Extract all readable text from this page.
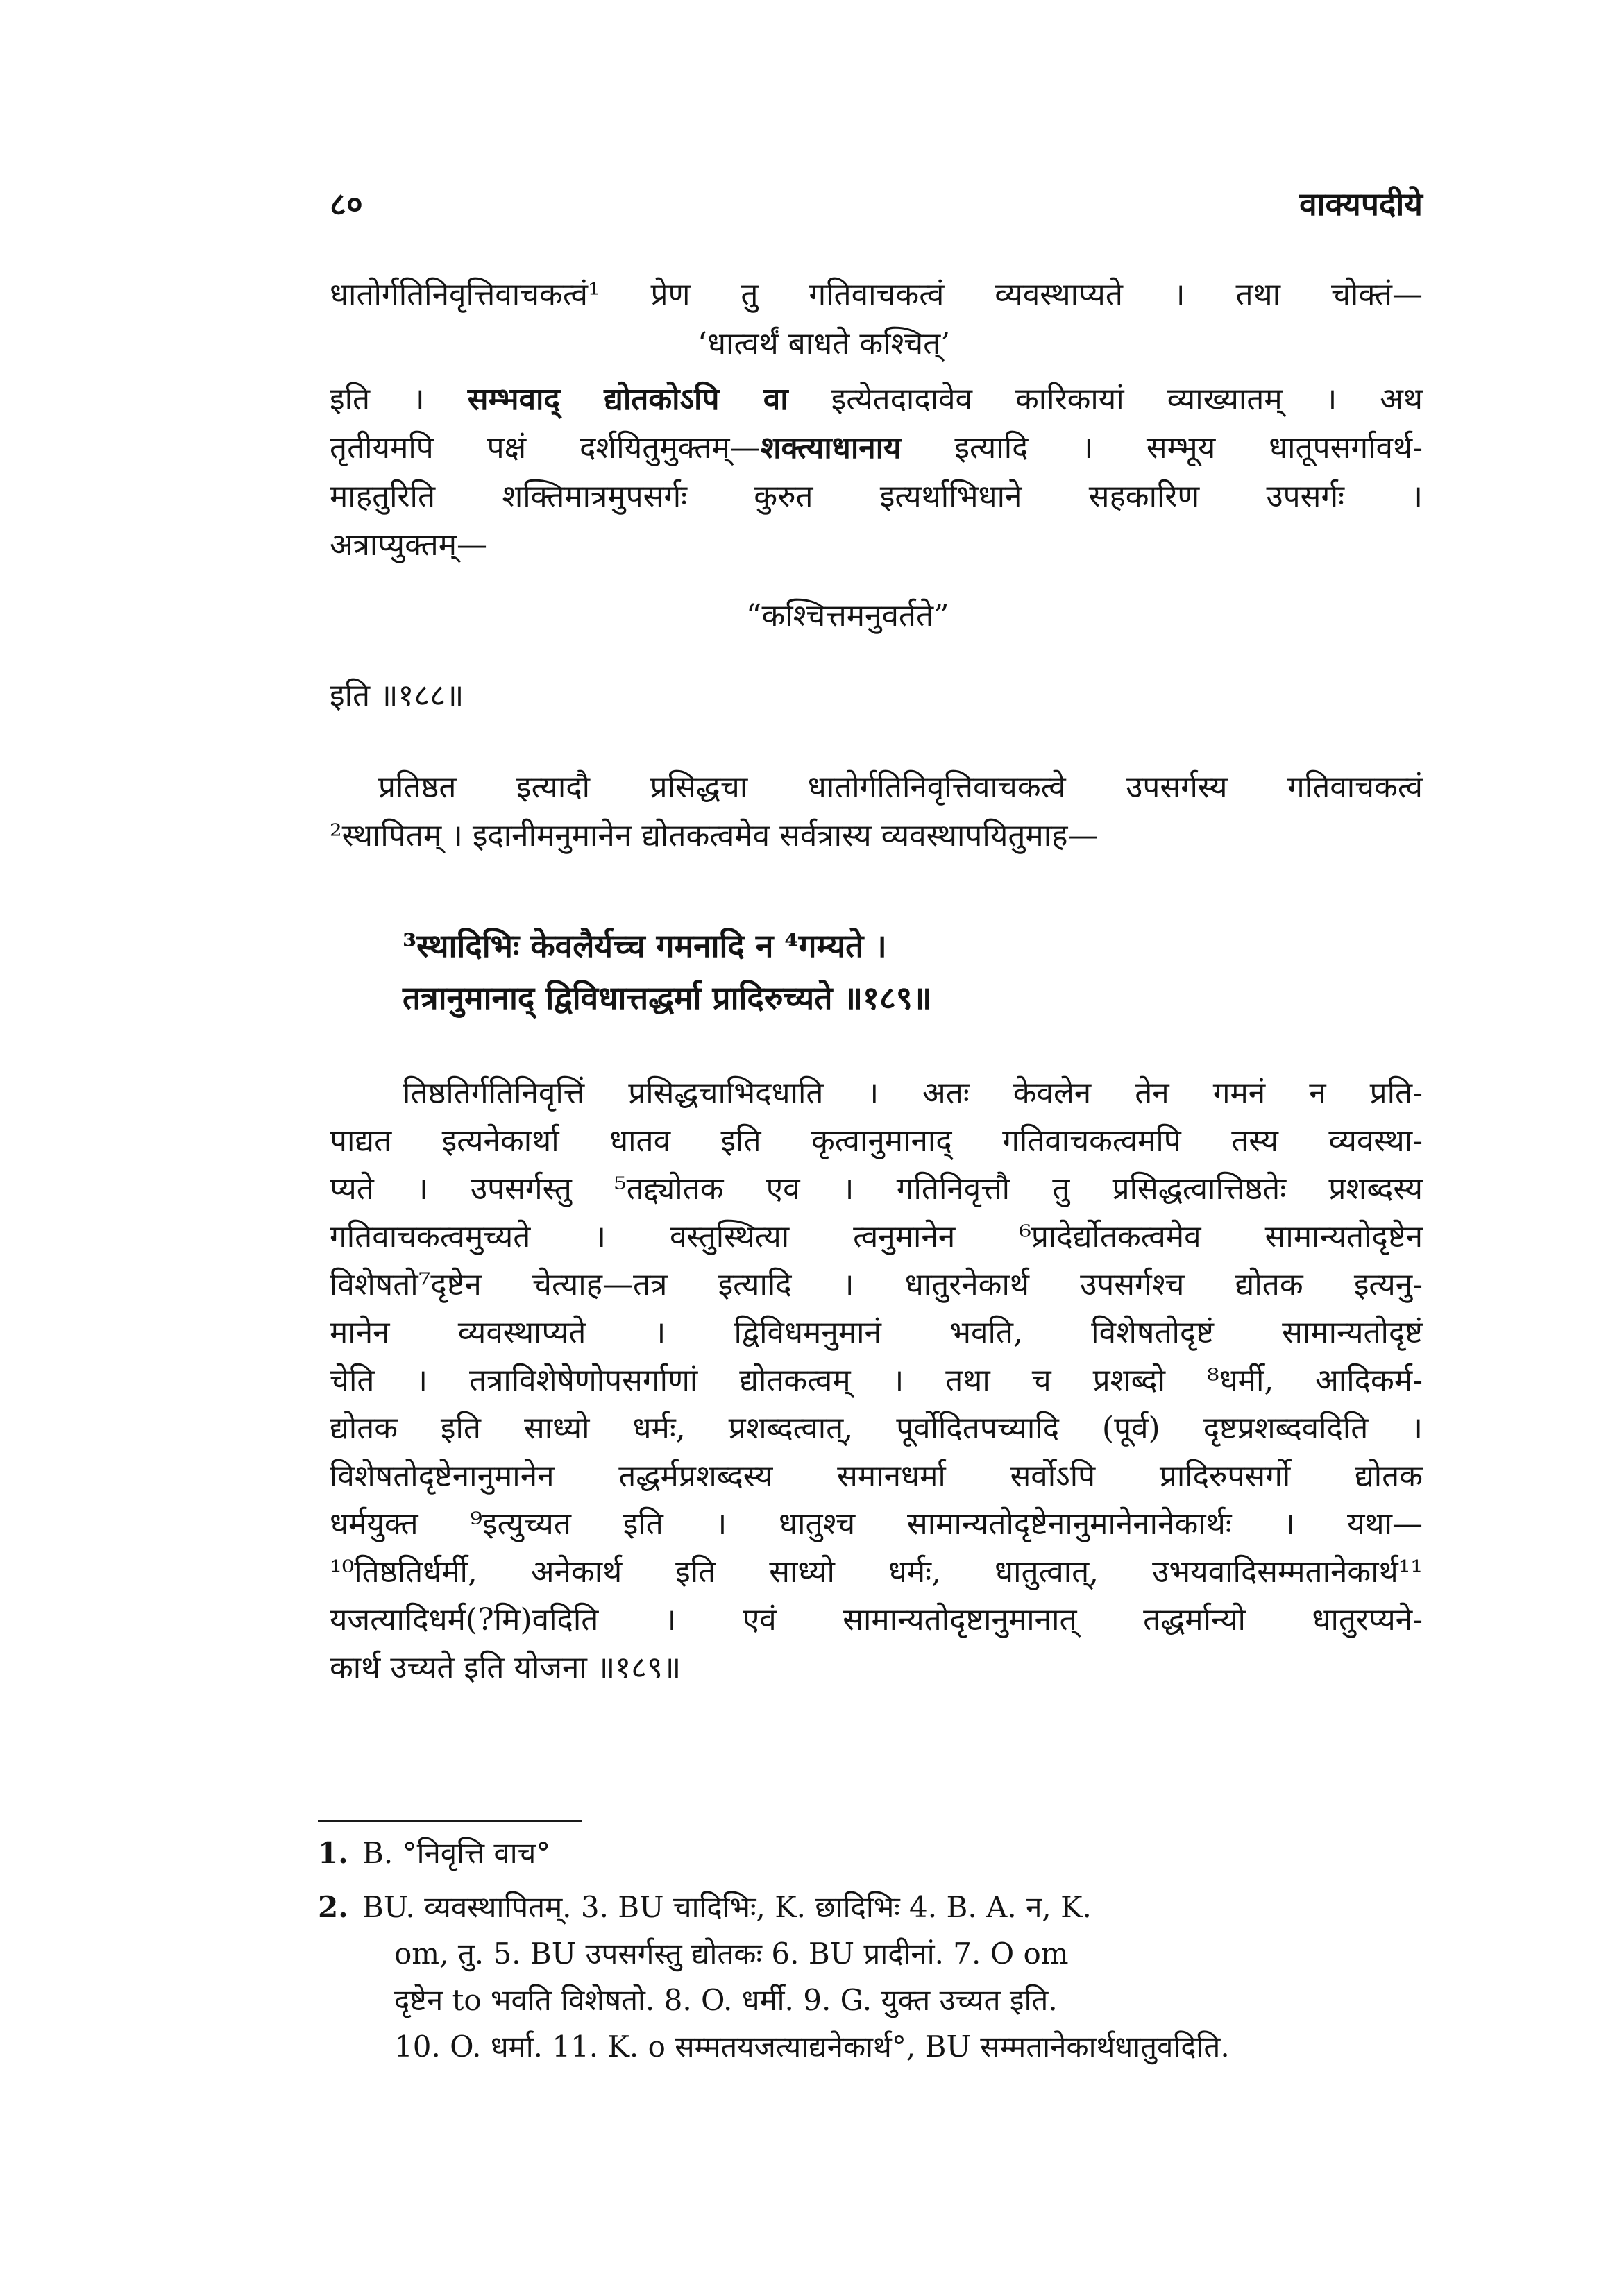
८०	वाक्यपदीये
धातोर्गतिनिवृत्तिवाचकत्वं¹ प्रेण तु गतिवाचकत्वं व्यवस्थाप्यते । तथा चोक्तं—
‘धात्वर्थं बाधते कश्चित्’
इति । सम्भवाद् द्योतकोऽपि वा इत्येतदादावेव कारिकायां व्याख्यातम् । अथ
तृतीयमपि पक्षं दर्शयितुमुक्तम्—शक्त्याधानाय इत्यादि । सम्भूय धातूपसर्गावर्थ-
माहतुरिति शक्तिमात्रमुपसर्गः कुरुत इत्यर्थाभिधाने सहकारिण उपसर्गः ।
अत्राप्युक्तम्—
“कश्चित्तमनुवर्तते”
इति ॥१८८॥
प्रतिष्ठत इत्यादौ प्रसिद्धचा धातोर्गतिनिवृत्तिवाचकत्वे उपसर्गस्य गतिवाचकत्वं
²स्थापितम् । इदानीमनुमानेन द्योतकत्वमेव सर्वत्रास्य व्यवस्थापयितुमाह—
³स्थादिभिः केवलैर्यच्च गमनादि न ⁴गम्यते ।
तत्रानुमानाद् द्विविधात्तद्धर्मा प्रादिरुच्यते ॥१८९॥
तिष्ठतिर्गतिनिवृत्तिं प्रसिद्धचाभिदधाति । अतः केवलेन तेन गमनं न प्रति-
पाद्यत इत्यनेकार्था धातव इति कृत्वानुमानाद् गतिवाचकत्वमपि तस्य व्यवस्था-
प्यते । उपसर्गस्तु ⁵तद्द्योतक एव । गतिनिवृत्तौ तु प्रसिद्धत्वात्तिष्ठतेः प्रशब्दस्य
गतिवाचकत्वमुच्यते । वस्तुस्थित्या त्वनुमानेन ⁶प्रादेर्द्योतकत्वमेव सामान्यतोदृष्टेन
विशेषतो⁷दृष्टेन चेत्याह—तत्र इत्यादि । धातुरनेकार्थ उपसर्गश्च द्योतक इत्यनु-
मानेन व्यवस्थाप्यते । द्विविधमनुमानं भवति, विशेषतोदृष्टं सामान्यतोदृष्टं
चेति । तत्राविशेषेणोपसर्गाणां द्योतकत्वम् । तथा च प्रशब्दो ⁸धर्मी, आदिकर्म-
द्योतक इति साध्यो धर्मः, प्रशब्दत्वात्, पूर्वोदितपच्यादि (पूर्व) दृष्टप्रशब्दवदिति ।
विशेषतोदृष्टेनानुमानेन तद्धर्मप्रशब्दस्य समानधर्मा सर्वोऽपि प्रादिरुपसर्गो द्योतक
धर्मयुक्त ⁹इत्युच्यत इति । धातुश्च सामान्यतोदृष्टेनानुमानेनानेकार्थः । यथा—
¹⁰तिष्ठतिर्धर्मी, अनेकार्थ इति साध्यो धर्मः, धातुत्वात्, उभयवादिसम्मतानेकार्थ¹¹
यजत्यादिधर्म(?मि)वदिति । एवं सामान्यतोदृष्टानुमानात् तद्धर्मान्यो धातुरप्यने-
कार्थ उच्यते इति योजना ॥१८९॥
1. B. °निवृत्ति वाच°
2. BU. व्यवस्थापितम्. 3. BU चादिभिः, K. छादिभिः 4. B. A. न, K.
om, तु. 5. BU उपसर्गस्तु द्योतकः 6. BU प्रादीनां. 7. O om
दृष्टेन to भवति विशेषतो. 8. O. धर्मी. 9. G. युक्त उच्यत इति.
10. O. धर्मा. 11. K. o सम्मतयजत्याद्यनेकार्थ°, BU सम्मतानेकार्थधातुवदिति.
